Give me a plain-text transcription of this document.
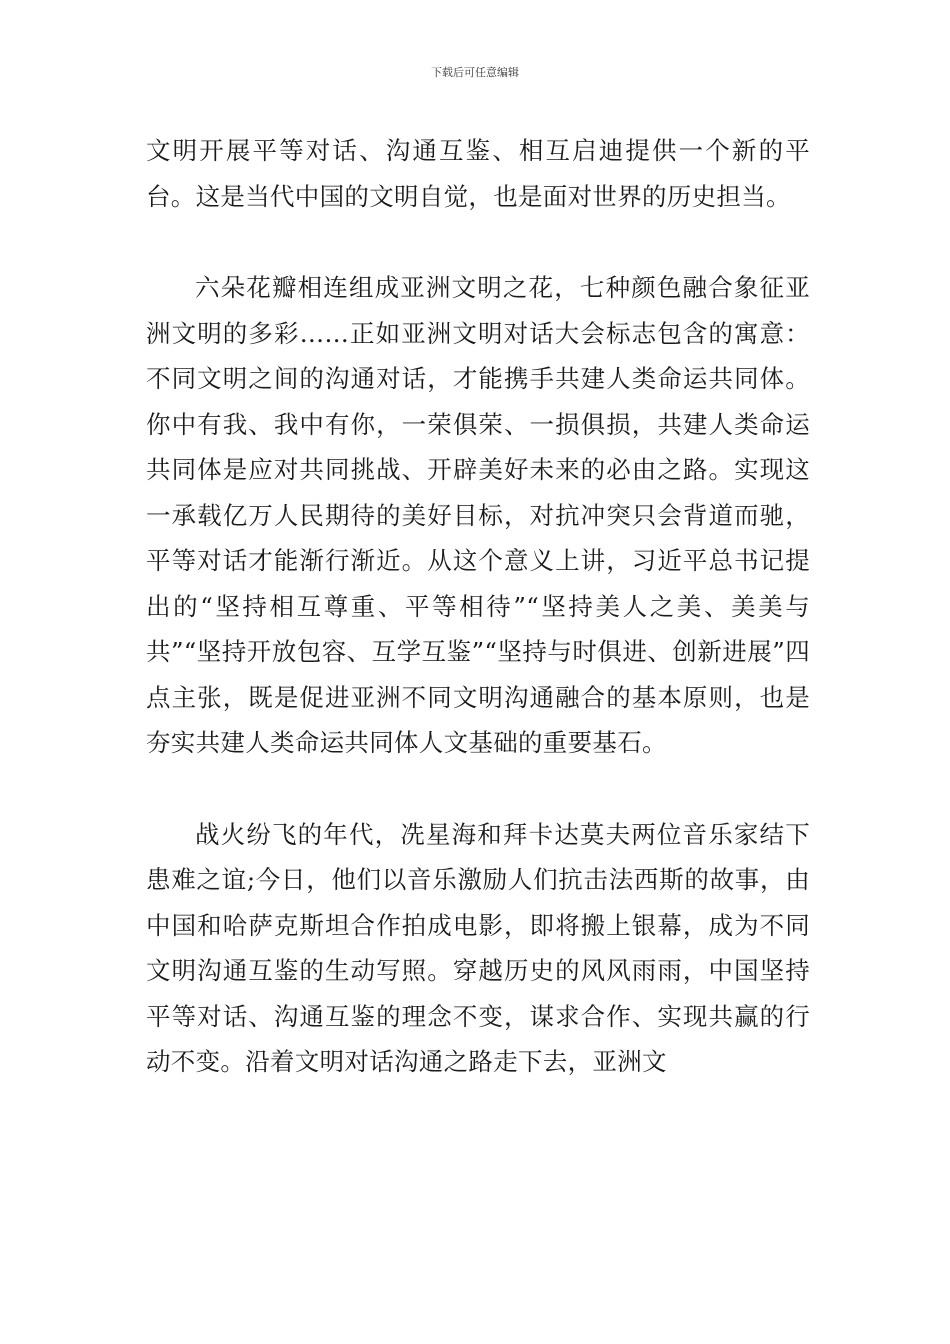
下载后可任意编辑

文明开展平等对话、沟通互鉴、相互启迪提供一个新的平台。这是当代中国的文明自觉，也是面对世界的历史担当。

六朵花瓣相连组成亚洲文明之花，七种颜色融合象征亚洲文明的多彩……正如亚洲文明对话大会标志包含的寓意：不同文明之间的沟通对话，才能携手共建人类命运共同体。你中有我、我中有你，一荣俱荣、一损俱损，共建人类命运共同体是应对共同挑战、开辟美好未来的必由之路。实现这一承载亿万人民期待的美好目标，对抗冲突只会背道而驰，平等对话才能渐行渐近。从这个意义上讲，习近平总书记提出的“坚持相互尊重、平等相待”“坚持美人之美、美美与共”“坚持开放包容、互学互鉴”“坚持与时俱进、创新进展”四点主张，既是促进亚洲不同文明沟通融合的基本原则，也是夯实共建人类命运共同体人文基础的重要基石。

战火纷飞的年代，冼星海和拜卡达莫夫两位音乐家结下患难之谊;今日，他们以音乐激励人们抗击法西斯的故事，由中国和哈萨克斯坦合作拍成电影，即将搬上银幕，成为不同文明沟通互鉴的生动写照。穿越历史的风风雨雨，中国坚持平等对话、沟通互鉴的理念不变，谋求合作、实现共赢的行动不变。沿着文明对话沟通之路走下去，亚洲文
